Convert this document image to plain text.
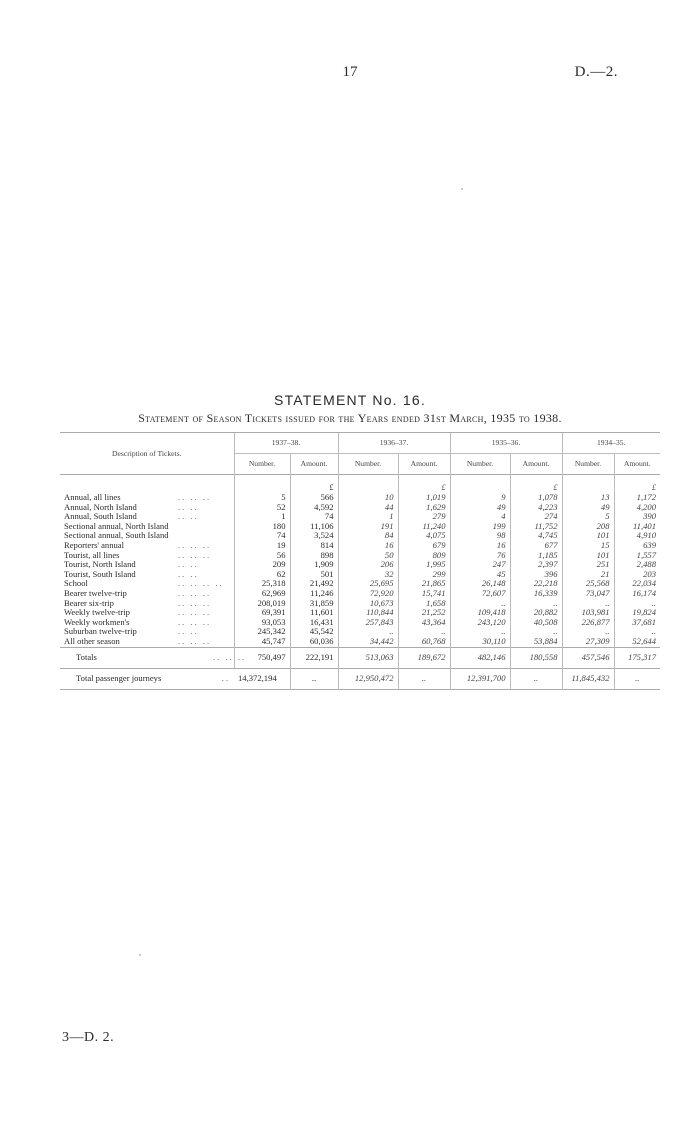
17	D.—2.
STATEMENT No. 16.
Statement of Season Tickets issued for the Years ended 31st March, 1935 to 1938.

Description of Tickets.	1937–38.		1936–37.		1935–36.		1934–35.	
	Number.	Amount.	Number.	Amount.	Number.	Amount.	Number.	Amount.

		£		£		£		£
Annual, all lines .. .. ..	5	566	10	1,019	9	1,078	13	1,172
Annual, North Island .. ..	52	4,592	44	1,629	49	4,223	49	4,200
Annual, South Island .. ..	1	74	1	279	4	274	5	390
Sectional annual, North Island	180	11,106	191	11,240	199	11,752	208	11,401
Sectional annual, South Island	74	3,524	84	4,075	98	4,745	101	4,910
Reporters' annual .. .. ..	19	814	16	679	16	677	15	639
Tourist, all lines .. .. ..	56	898	50	809	76	1,185	101	1,557
Tourist, North Island .. ..	209	1,909	206	1,995	247	2,397	251	2,488
Tourist, South Island .. ..	62	501	32	299	45	396	21	203
School .. .. .. ..	25,318	21,492	25,695	21,865	26,148	22,218	25,568	22,034
Bearer twelve-trip .. .. ..	62,969	11,246	72,920	15,741	72,607	16,339	73,047	16,174
Bearer six-trip .. .. ..	208,019	31,859	10,673	1,658	..	..	..	..
Weekly twelve-trip .. .. ..	69,391	11,601	110,844	21,252	109,418	20,882	103,981	19,824
Weekly workmen's .. .. ..	93,053	16,431	257,843	43,364	243,120	40,508	226,877	37,681
Suburban twelve-trip .. ..	245,342	45,542	..	..	..	..	..	..
All other season .. .. ..	45,747	60,036	34,442	60,768	30,110	53,884	27,309	52,644
Totals .. .. ..	750,497	222,191	513,063	189,672	482,146	180,558	457,546	175,317
Total passenger journeys ..	14,372,194	..	12,950,472	..	12,391,700	..	11,845,432	..

3—D. 2.
